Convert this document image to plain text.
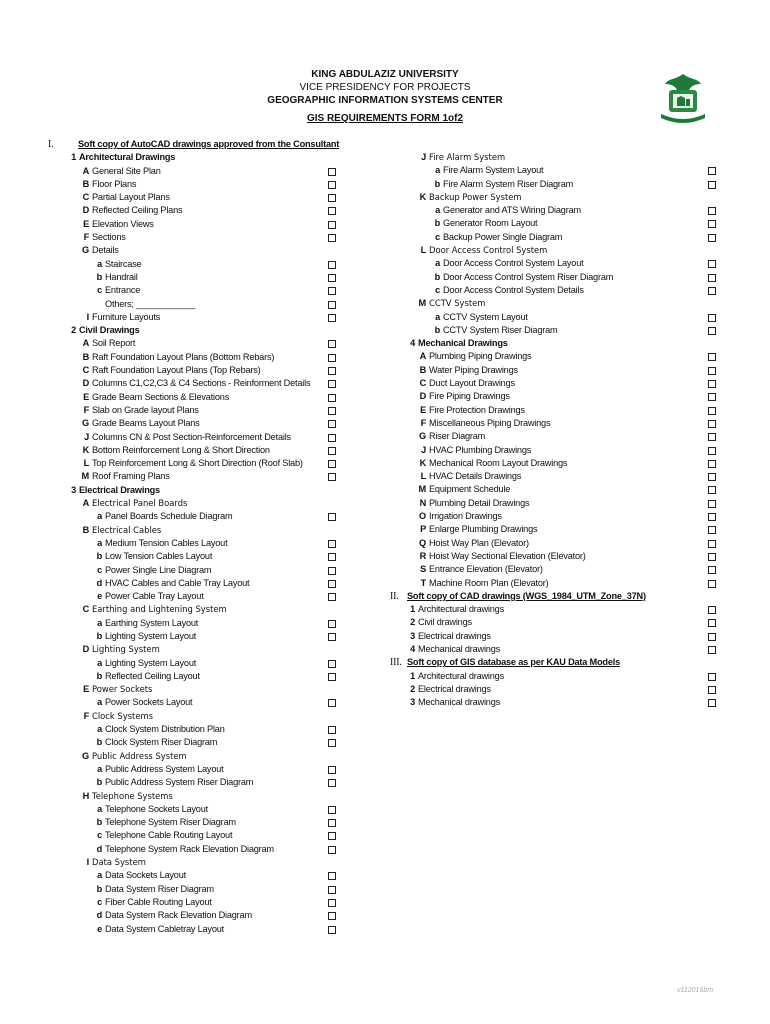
KING ABDULAZIZ UNIVERSITY
VICE PRESIDENCY FOR PROJECTS
GEOGRAPHIC INFORMATION SYSTEMS CENTER
GIS REQUIREMENTS FORM 1of2
I.	Soft copy of AutoCAD drawings approved from the Consultant
1 Architectural Drawings
A General Site Plan
B Floor Plans
C Partial Layout Plans
D Reflected Ceiling Plans
E Elevation Views
F Sections
G Details
a Staircase
b Handrail
c Entrance
Others; ____________
I Furniture Layouts
2 Civil Drawings
A Soil Report
B Raft Foundation Layout Plans (Bottom Rebars)
C Raft Foundation Layout Plans (Top Rebars)
D Columns C1,C2,C3 & C4 Sections - Reinforment Details
E Grade Beam Sections & Elevations
F Slab on Grade layout Plans
G Grade Beams Layout Plans
J Columns CN & Post Section-Reinforcement Details
K Bottom Reinforcement Long & Short Direction
L Top Reinforcement Long & Short Direction (Roof Slab)
M Roof Framing Plans
3 Electrical Drawings
A Electrical Panel Boards
a Panel Boards Schedule Diagram
B Electrical Cables
a Medium Tension Cables Layout
b Low Tension Cables Layout
c Power Single Line Diagram
d HVAC Cables and Cable Tray Layout
e Power Cable Tray Layout
C Earthing and Lightening System
a Earthing System Layout
b Lighting System Layout
D Lighting System
a Lighting System Layout
b Reflected Ceiling Layout
E Power Sockets
a Power Sockets Layout
F Clock Systems
a Clock System Distribution Plan
b Clock System Riser Diagram
G Public Address System
a Public Address System Layout
b Public Address System Riser Diagram
H Telephone Systems
a Telephone Sockets Layout
b Telephone System Riser Diagram
c Telephone Cable Routing Layout
d Telephone System Rack Elevation Diagram
I Data System
a Data Sockets Layout
b Data System Riser Diagram
c Fiber Cable Routing Layout
d Data System Rack Elevation Diagram
e Data System Cabletray Layout
J Fire Alarm System
a Fire Alarm System Layout
b Fire Alarm System Riser Diagram
K Backup Power System
a Generator and ATS Wiring Diagram
b Generator Room Layout
c Backup Power Single Diagram
L Door Access Control System
a Door Access Control System Layout
b Door Access Control System Riser Diagram
c Door Access Control System Details
M CCTV System
a CCTV System Layout
b CCTV System Riser Diagram
4 Mechanical Drawings
A Plumbing Piping Drawings
B Water Piping Drawings
C Duct Layout Drawings
D Fire Piping Drawings
E Fire Protection Drawings
F Miscellaneous Piping Drawings
G Riser Diagram
J HVAC Plumbing Drawings
K Mechanical Room Layout Drawings
L HVAC Details Drawings
M Equipment Schedule
N Plumbing Detail Drawings
O Irrigation Drawings
P Enlarge Plumbing Drawings
Q Hoist Way Plan (Elevator)
R Hoist Way Sectional Elevation (Elevator)
S Entrance Elevation (Elevator)
T Machine Room Plan (Elevator)
II. Soft copy of CAD drawings (WGS_1984_UTM_Zone_37N)
1 Architectural drawings
2 Civil drawings
3 Electrical drawings
4 Mechanical drawings
III. Soft copy of GIS database as per KAU Data Models
1 Architectural drawings
2 Electrical drawings
3 Mechanical drawings
v112016bm
